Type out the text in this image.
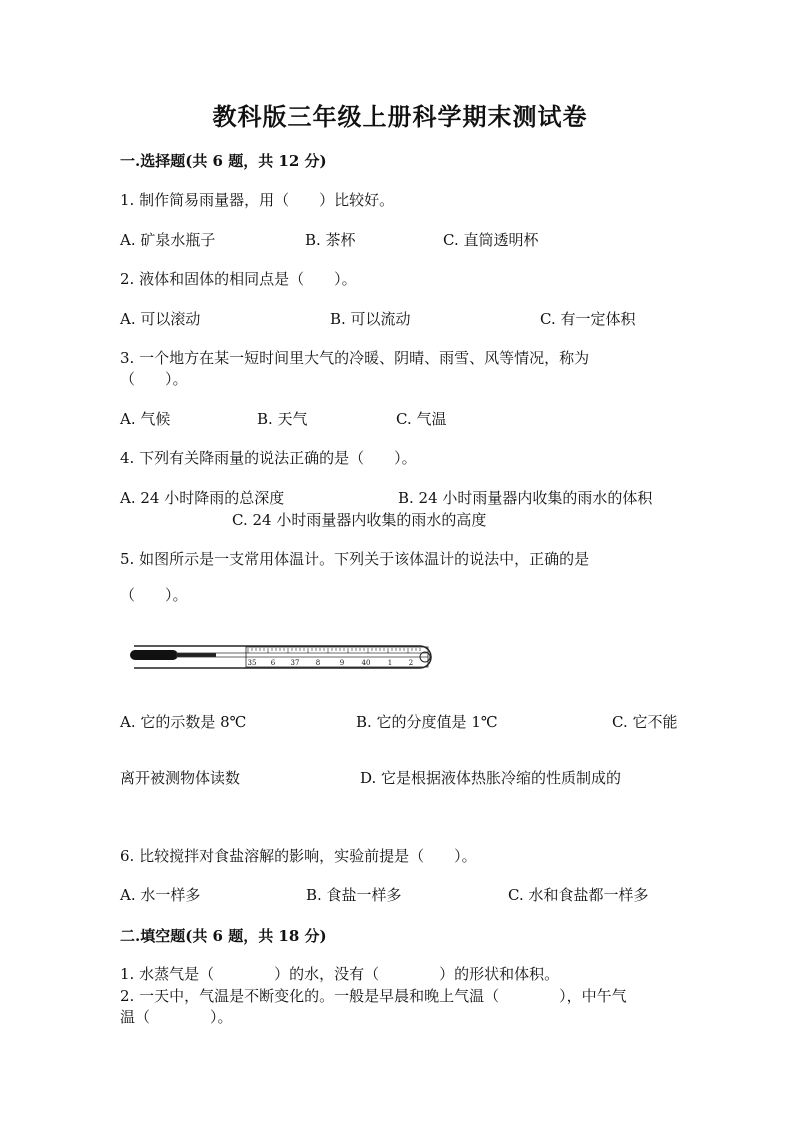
教科版三年级上册科学期末测试卷
一.选择题(共 6 题，共 12 分)
1. 制作简易雨量器，用（　　）比较好。
A. 矿泉水瓶子	B. 茶杯	C. 直筒透明杯
2. 液体和固体的相同点是（　　）。
A. 可以滚动	B. 可以流动	C. 有一定体积
3. 一个地方在某一短时间里大气的冷暖、阴晴、雨雪、风等情况，称为
（　　）。
A. 气候	B. 天气	C. 气温
4. 下列有关降雨量的说法正确的是（　　）。
A. 24 小时降雨的总深度	B. 24 小时雨量器内收集的雨水的体积
C. 24 小时雨量器内收集的雨水的高度
5. 如图所示是一支常用体温计。下列关于该体温计的说法中，正确的是
（　　）。
35 6 37 8	9 40 1 2
A. 它的示数是 8℃	B. 它的分度值是 1℃	C. 它不能
离开被测物体读数	D. 它是根据液体热胀冷缩的性质制成的
6. 比较搅拌对食盐溶解的影响，实验前提是（　　）。
A. 水一样多	B. 食盐一样多	C. 水和食盐都一样多
二.填空题(共 6 题，共 18 分)
1. 水蒸气是（　　　　）的水，没有（　　　　）的形状和体积。
2. 一天中，气温是不断变化的。一般是早晨和晚上气温（　　　　），中午气
温（　　　　）。
